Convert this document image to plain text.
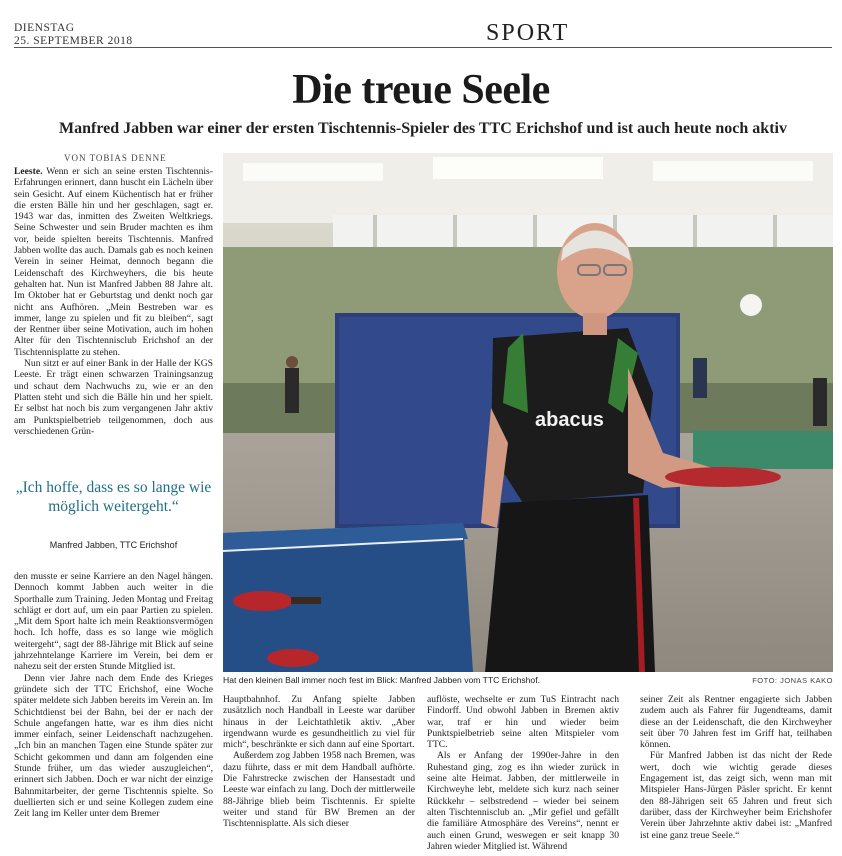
DIENSTAG
25. SEPTEMBER 2018	SPORT
Die treue Seele
Manfred Jabben war einer der ersten Tischtennis-Spieler des TTC Erichshof und ist auch heute noch aktiv
VON TOBIAS DENNE

Leeste. Wenn er sich an seine ersten Tischtennis-Erfahrungen erinnert, dann huscht ein Lächeln über sein Gesicht. Auf einem Küchentisch hat er früher die ersten Bälle hin und her geschlagen, sagt er. 1943 war das, inmitten des Zweiten Weltkriegs. Seine Schwester und sein Bruder machten es ihm vor, beide spielten bereits Tischtennis. Manfred Jabben wollte das auch. Damals gab es noch keinen Verein in seiner Heimat, dennoch begann die Leidenschaft des Kirchweyhers, die bis heute gehalten hat. Nun ist Manfred Jabben 88 Jahre alt. Im Oktober hat er Geburtstag und denkt noch gar nicht ans Aufhören. „Mein Bestreben war es immer, lange zu spielen und fit zu bleiben“, sagt der Rentner über seine Motivation, auch im hohen Alter für den Tischtennisclub Erichshof an der Tischtennisplatte zu stehen.

Nun sitzt er auf einer Bank in der Halle der KGS Leeste. Er trägt einen schwarzen Trainingsanzug und schaut dem Nachwuchs zu, wie er an den Platten steht und sich die Bälle hin und her spielt. Er selbst hat noch bis zum vergangenen Jahr aktiv am Punktspielbetrieb teilgenommen, doch aus verschiedenen Grün-

„Ich hoffe, dass es so lange wie möglich weitergeht.“
Manfred Jabben, TTC Erichshof

den musste er seine Karriere an den Nagel hängen. Dennoch kommt Jabben auch weiter in die Sporthalle zum Training. Jeden Montag und Freitag schlägt er dort auf, um ein paar Partien zu spielen. „Mit dem Sport halte ich mein Reaktionsvermögen hoch. Ich hoffe, dass es so lange wie möglich weitergeht“, sagt der 88-Jährige mit Blick auf seine jahrzehntelange Karriere im Verein, bei dem er nahezu seit der ersten Stunde Mitglied ist.

Denn vier Jahre nach dem Ende des Krieges gründete sich der TTC Erichshof, eine Woche später meldete sich Jabben bereits im Verein an. Im Schichtdienst bei der Bahn, bei der er nach der Schule angefangen hatte, war es ihm dies nicht immer einfach, seiner Leidenschaft nachzugehen. „Ich bin an manchen Tagen eine Stunde später zur Schicht gekommen und dann am folgenden eine Stunde früher, um das wieder auszugleichen“, erinnert sich Jabben. Doch er war nicht der einzige Bahnmitarbeiter, der gerne Tischtennis spielte. So duellierten sich er und seine Kollegen zudem eine Zeit lang im Keller unter dem Bremer

abacus
Hat den kleinen Ball immer noch fest im Blick: Manfred Jabben vom TTC Erichshof.	FOTO: JONAS KAKO

Hauptbahnhof. Zu Anfang spielte Jabben zusätzlich noch Handball in Leeste war darüber hinaus in der Leichtathletik aktiv. „Aber irgendwann wurde es gesundheitlich zu viel für mich“, beschränkte er sich dann auf eine Sportart.

Außerdem zog Jabben 1958 nach Bremen, was dazu führte, dass er mit dem Handball aufhörte. Die Fahrstrecke zwischen der Hansestadt und Leeste war einfach zu lang. Doch der mittlerweile 88-Jährige blieb beim Tischtennis. Er spielte weiter und stand für BW Bremen an der Tischtennisplatte. Als sich dieser

auflöste, wechselte er zum TuS Eintracht nach Findorff. Und obwohl Jabben in Bremen aktiv war, traf er hin und wieder beim Punktspielbetrieb seine alten Mitspieler vom TTC.

Als er Anfang der 1990er-Jahre in den Ruhestand ging, zog es ihn wieder zurück in seine alte Heimat. Jabben, der mittlerweile in Kirchweyhe lebt, meldete sich kurz nach seiner Rückkehr – selbstredend – wieder bei seinem alten Tischtennisclub an. „Mir gefiel und gefällt die familiäre Atmosphäre des Vereins“, nennt er auch einen Grund, weswegen er seit knapp 30 Jahren wieder Mitglied ist. Während

seiner Zeit als Rentner engagierte sich Jabben zudem auch als Fahrer für Jugendteams, damit diese an der Leidenschaft, die den Kirchweyher seit über 70 Jahren fest im Griff hat, teilhaben können.

Für Manfred Jabben ist das nicht der Rede wert, doch wie wichtig gerade dieses Engagement ist, das zeigt sich, wenn man mit Mitspieler Hans-Jürgen Päsler spricht. Er kennt den 88-Jährigen seit 65 Jahren und freut sich darüber, dass der Kirchweyher beim Erichshofer Verein über Jahrzehnte aktiv dabei ist: „Manfred ist eine ganz treue Seele.“
